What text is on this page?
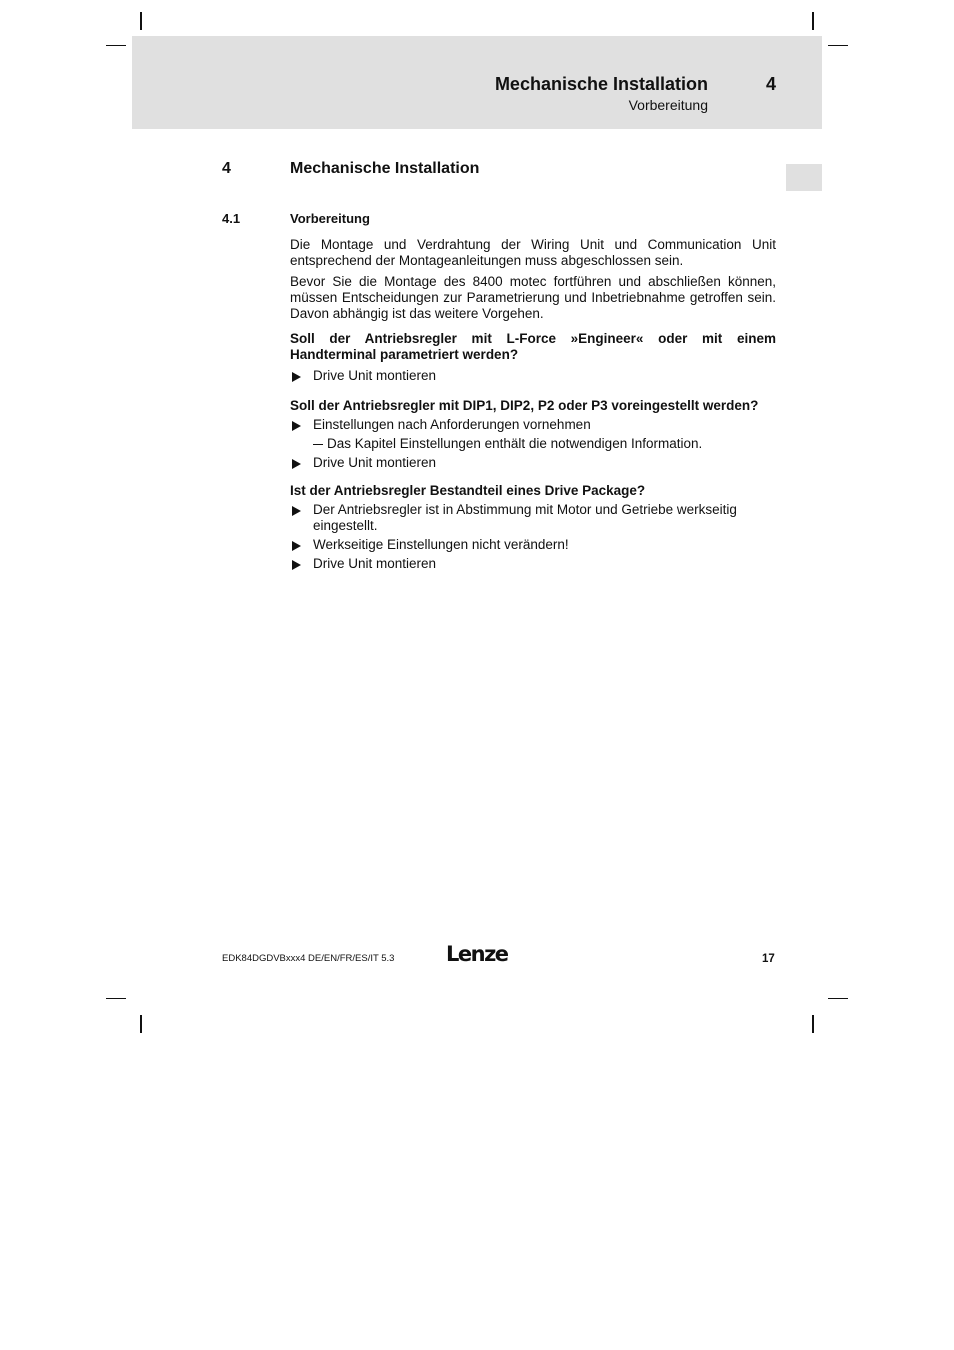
Mechanische Installation	4
Vorbereitung
4	Mechanische Installation
4.1	Vorbereitung

Die Montage und Verdrahtung der Wiring Unit und Communication Unit entsprechend der Montageanleitungen muss abgeschlossen sein.

Bevor Sie die Montage des 8400 motec fortführen und abschließen können, müssen Entscheidungen zur Parametrierung und Inbetriebnahme getroffen sein. Davon abhängig ist das weitere Vorgehen.

Soll der Antriebsregler mit L-Force »Engineer« oder mit einem Handterminal parametriert werden?

Drive Unit montieren

Soll der Antriebsregler mit DIP1, DIP2, P2 oder P3 voreingestellt werden?

Einstellungen nach Anforderungen vornehmen
Das Kapitel Einstellungen enthält die notwendigen Information.
Drive Unit montieren

Ist der Antriebsregler Bestandteil eines Drive Package?

Der Antriebsregler ist in Abstimmung mit Motor und Getriebe werkseitig eingestellt.
Werkseitige Einstellungen nicht verändern!
Drive Unit montieren
EDK84DGDVBxxx4 DE/EN/FR/ES/IT 5.3 Lenze	17
